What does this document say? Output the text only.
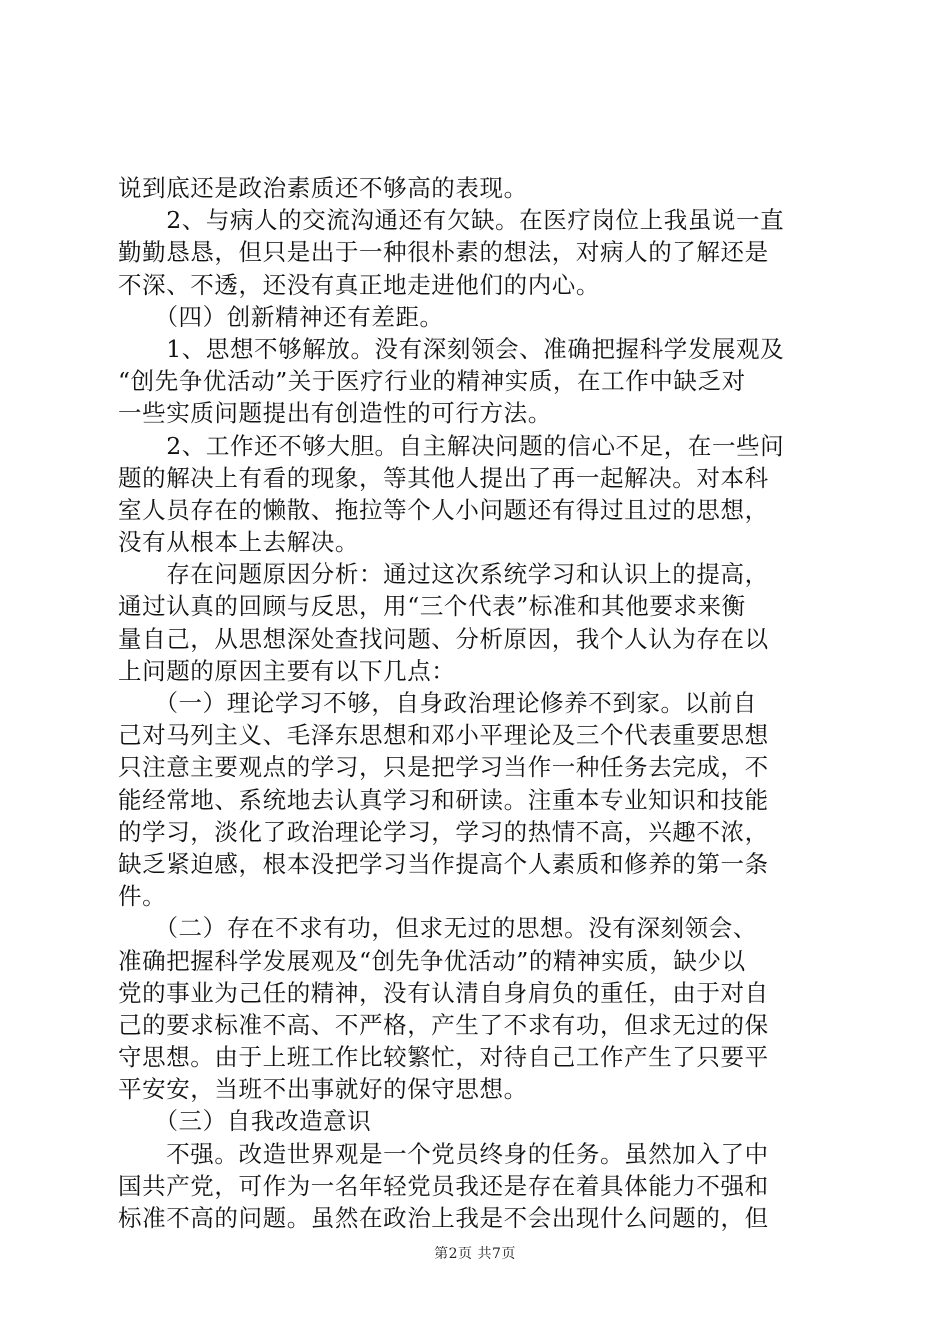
说到底还是政治素质还不够高的表现。
　　2、与病人的交流沟通还有欠缺。在医疗岗位上我虽说一直
勤勤恳恳，但只是出于一种很朴素的想法，对病人的了解还是
不深、不透，还没有真正地走进他们的内心。
　　（四）创新精神还有差距。
　　1、思想不够解放。没有深刻领会、准确把握科学发展观及
“创先争优活动”关于医疗行业的精神实质，在工作中缺乏对
一些实质问题提出有创造性的可行方法。
　　2、工作还不够大胆。自主解决问题的信心不足，在一些问
题的解决上有看的现象，等其他人提出了再一起解决。对本科
室人员存在的懒散、拖拉等个人小问题还有得过且过的思想，
没有从根本上去解决。
　　存在问题原因分析：通过这次系统学习和认识上的提高，
通过认真的回顾与反思，用“三个代表”标准和其他要求来衡
量自己，从思想深处查找问题、分析原因，我个人认为存在以
上问题的原因主要有以下几点：
　　（一）理论学习不够，自身政治理论修养不到家。以前自
己对马列主义、毛泽东思想和邓小平理论及三个代表重要思想
只注意主要观点的学习，只是把学习当作一种任务去完成，不
能经常地、系统地去认真学习和研读。注重本专业知识和技能
的学习，淡化了政治理论学习，学习的热情不高，兴趣不浓，
缺乏紧迫感，根本没把学习当作提高个人素质和修养的第一条
件。
　　（二）存在不求有功，但求无过的思想。没有深刻领会、
准确把握科学发展观及“创先争优活动”的精神实质，缺少以
党的事业为己任的精神，没有认清自身肩负的重任，由于对自
己的要求标准不高、不严格，产生了不求有功，但求无过的保
守思想。由于上班工作比较繁忙，对待自己工作产生了只要平
平安安，当班不出事就好的保守思想。
　　（三）自我改造意识
　　不强。改造世界观是一个党员终身的任务。虽然加入了中
国共产党，可作为一名年轻党员我还是存在着具体能力不强和
标准不高的问题。虽然在政治上我是不会出现什么问题的，但
第2页 共7页
